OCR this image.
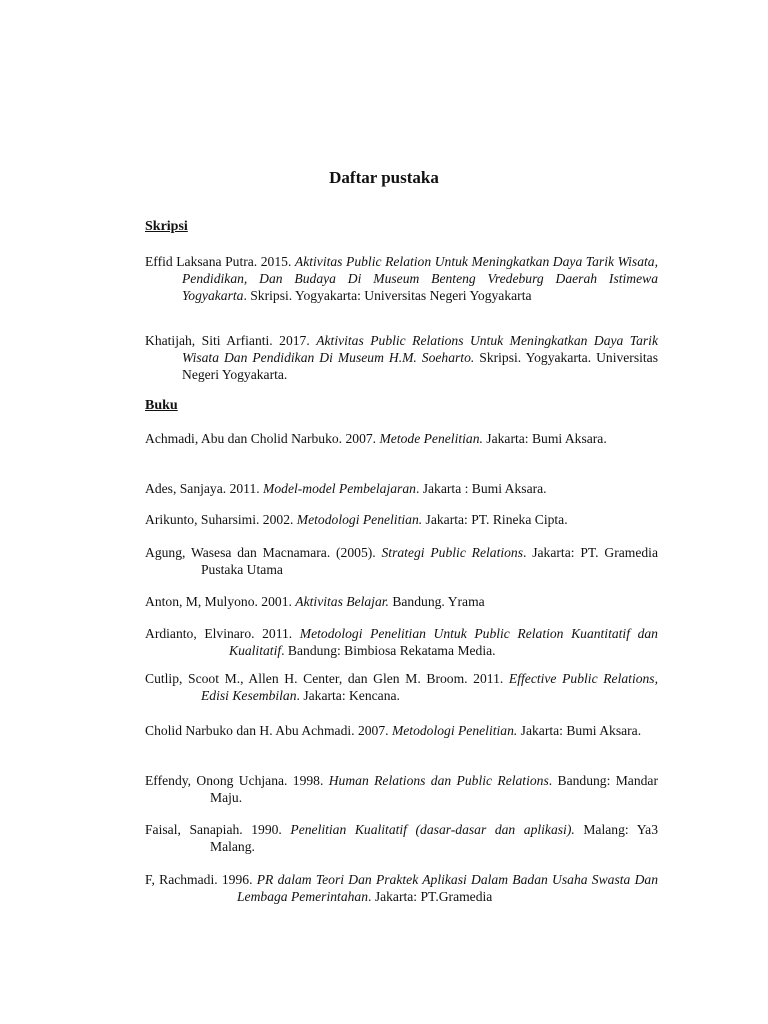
Daftar pustaka
Skripsi
Effid Laksana Putra. 2015. Aktivitas Public Relation Untuk Meningkatkan Daya Tarik Wisata, Pendidikan, Dan Budaya Di Museum Benteng Vredeburg Daerah Istimewa Yogyakarta. Skripsi. Yogyakarta: Universitas Negeri Yogyakarta
Khatijah, Siti Arfianti. 2017. Aktivitas Public Relations Untuk Meningkatkan Daya Tarik Wisata Dan Pendidikan Di Museum H.M. Soeharto. Skripsi. Yogyakarta. Universitas Negeri Yogyakarta.
Buku
Achmadi, Abu dan Cholid Narbuko. 2007. Metode Penelitian. Jakarta: Bumi Aksara.
Ades, Sanjaya. 2011. Model-model Pembelajaran. Jakarta : Bumi Aksara.
Arikunto, Suharsimi. 2002. Metodologi Penelitian. Jakarta: PT. Rineka Cipta.
Agung, Wasesa dan Macnamara. (2005). Strategi Public Relations. Jakarta: PT. Gramedia Pustaka Utama
Anton, M, Mulyono. 2001. Aktivitas Belajar. Bandung. Yrama
Ardianto, Elvinaro. 2011. Metodologi Penelitian Untuk Public Relation Kuantitatif dan Kualitatif. Bandung: Bimbiosa Rekatama Media.
Cutlip, Scoot M., Allen H. Center, dan Glen M. Broom. 2011. Effective Public Relations, Edisi Kesembilan. Jakarta: Kencana.
Cholid Narbuko dan H. Abu Achmadi. 2007. Metodologi Penelitian. Jakarta: Bumi Aksara.
Effendy, Onong Uchjana. 1998. Human Relations dan Public Relations. Bandung: Mandar Maju.
Faisal, Sanapiah. 1990. Penelitian Kualitatif (dasar-dasar dan aplikasi). Malang: Ya3 Malang.
F, Rachmadi. 1996. PR dalam Teori Dan Praktek Aplikasi Dalam Badan Usaha Swasta Dan Lembaga Pemerintahan. Jakarta: PT.Gramedia
